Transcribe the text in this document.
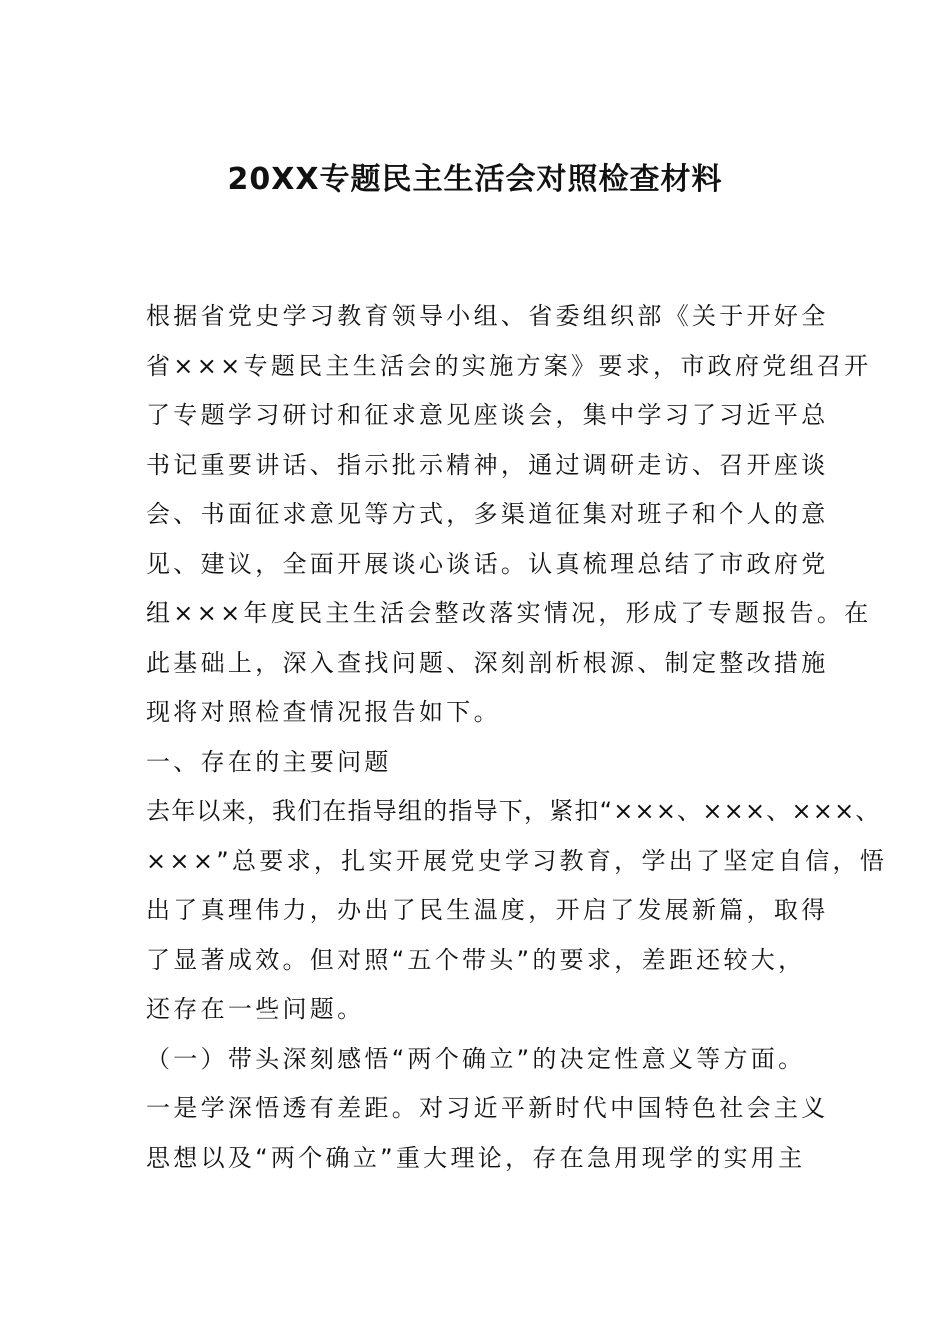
20XX专题民主生活会对照检查材料
根据省党史学习教育领导小组、省委组织部《关于开好全
省×××专题民主生活会的实施方案》要求，市政府党组召开
了专题学习研讨和征求意见座谈会，集中学习了习近平总
书记重要讲话、指示批示精神，通过调研走访、召开座谈
会、书面征求意见等方式，多渠道征集对班子和个人的意
见、建议，全面开展谈心谈话。认真梳理总结了市政府党
组×××年度民主生活会整改落实情况，形成了专题报告。在
此基础上，深入查找问题、深刻剖析根源、制定整改措施
现将对照检查情况报告如下。
一、存在的主要问题
去年以来，我们在指导组的指导下，紧扣“×××、×××、×××、
×××”总要求，扎实开展党史学习教育，学出了坚定自信，悟
出了真理伟力，办出了民生温度，开启了发展新篇，取得
了显著成效。但对照“五个带头”的要求，差距还较大，
还存在一些问题。
（一）带头深刻感悟“两个确立”的决定性意义等方面。
一是学深悟透有差距。对习近平新时代中国特色社会主义
思想以及“两个确立”重大理论，存在急用现学的实用主
